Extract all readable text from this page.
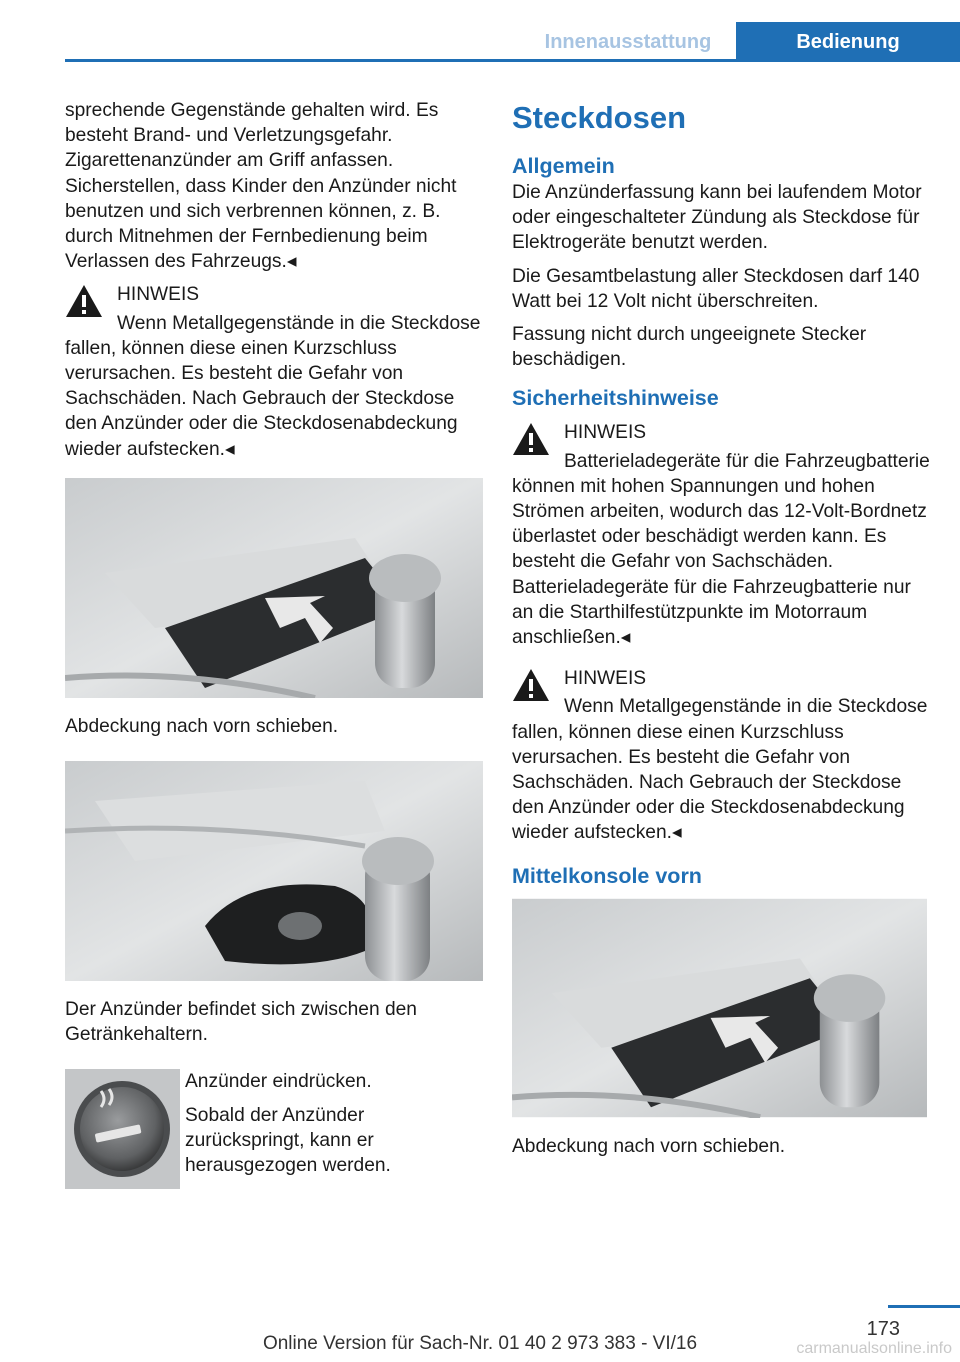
Innenausstattung	Bedienung

sprechende Gegenstände gehalten wird. Es besteht Brand- und Verletzungsgefahr. Zigarettenanzünder am Griff anfassen. Sicherstellen, dass Kinder den Anzünder nicht benutzen und sich verbrennen können, z. B. durch Mitnehmen der Fernbedienung beim Verlassen des Fahrzeugs.◂

HINWEIS

Wenn Metallgegenstände in die Steckdose fallen, können diese einen Kurzschluss verursachen. Es besteht die Gefahr von Sachschäden. Nach Gebrauch der Steckdose den Anzünder oder die Steckdosenabdeckung wieder aufstecken.◂

Abdeckung nach vorn schieben.

Der Anzünder befindet sich zwischen den Getränkehaltern.

Anzünder eindrücken.

Sobald der Anzünder zurückspringt, kann er herausgezogen werden.

Steckdosen
Allgemein

Die Anzünderfassung kann bei laufendem Motor oder eingeschalteter Zündung als Steckdose für Elektrogeräte benutzt werden.

Die Gesamtbelastung aller Steckdosen darf 140 Watt bei 12 Volt nicht überschreiten.

Fassung nicht durch ungeeignete Stecker beschädigen.

Sicherheitshinweise

HINWEIS

Batterieladegeräte für die Fahrzeugbatterie können mit hohen Spannungen und hohen Strömen arbeiten, wodurch das 12-Volt-Bordnetz überlastet oder beschädigt werden kann. Es besteht die Gefahr von Sachschäden. Batterieladegeräte für die Fahrzeugbatterie nur an die Starthilfestützpunkte im Motorraum anschließen.◂

HINWEIS

Wenn Metallgegenstände in die Steckdose fallen, können diese einen Kurzschluss verursachen. Es besteht die Gefahr von Sachschäden. Nach Gebrauch der Steckdose den Anzünder oder die Steckdosenabdeckung wieder aufstecken.◂

Mittelkonsole vorn

Abdeckung nach vorn schieben.

173
Online Version für Sach-Nr. 01 40 2 973 383 - VI/16	carmanualsonline.info
